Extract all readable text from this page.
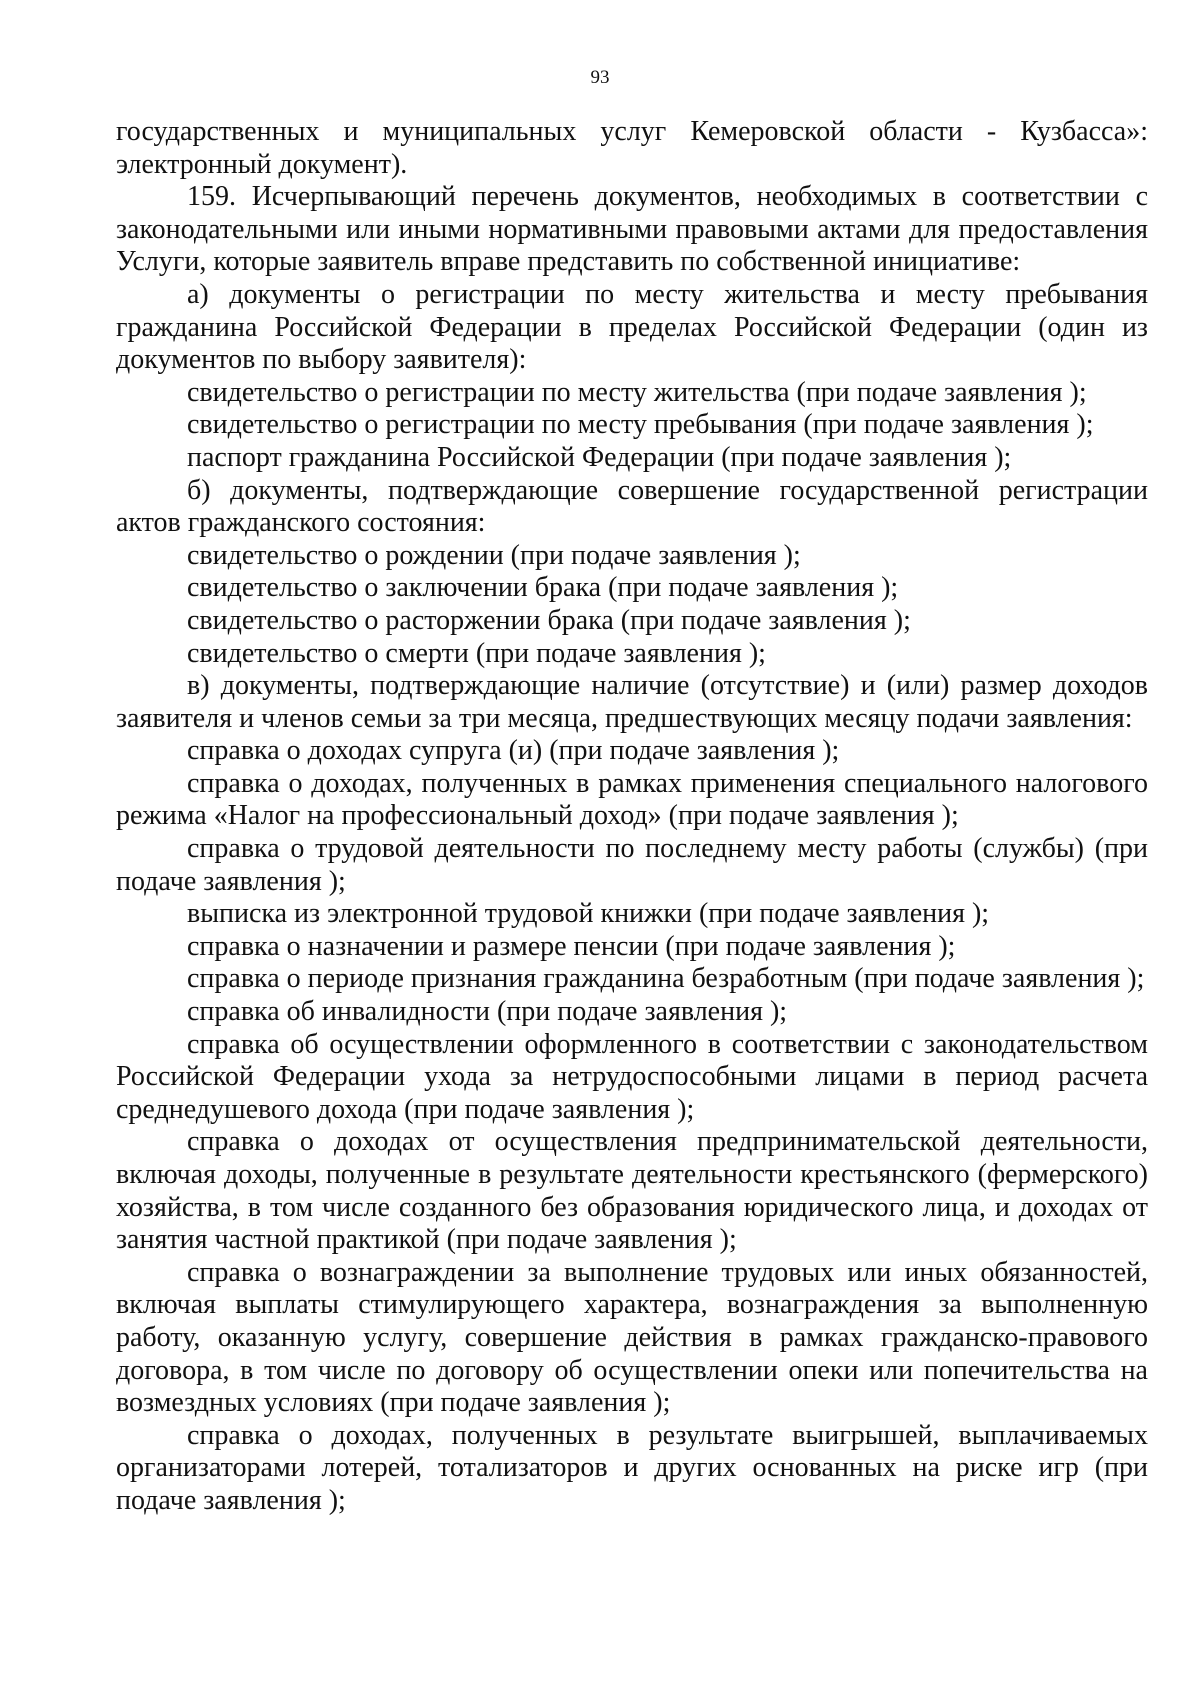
93

государственных и муниципальных услуг Кемеровской области - Кузбасса»: электронный документ).

159. Исчерпывающий перечень документов, необходимых в соответствии с законодательными или иными нормативными правовыми актами для предоставления Услуги, которые заявитель вправе представить по собственной инициативе:

а) документы о регистрации по месту жительства и месту пребывания гражданина Российской Федерации в пределах Российской Федерации (один из документов по выбору заявителя):

свидетельство о регистрации по месту жительства (при подаче заявления );

свидетельство о регистрации по месту пребывания (при подаче заявления );

паспорт гражданина Российской Федерации (при подаче заявления );

б) документы, подтверждающие совершение государственной регистрации актов гражданского состояния:

свидетельство о рождении (при подаче заявления );

свидетельство о заключении брака (при подаче заявления );

свидетельство о расторжении брака (при подаче заявления );

свидетельство о смерти (при подаче заявления );

в) документы, подтверждающие наличие (отсутствие) и (или) размер доходов заявителя и членов семьи за три месяца, предшествующих месяцу подачи заявления:

справка о доходах супруга (и) (при подаче заявления );

справка о доходах, полученных в рамках применения специального налогового режима «Налог на профессиональный доход» (при подаче заявления );

справка о трудовой деятельности по последнему месту работы (службы) (при подаче заявления );

выписка из электронной трудовой книжки (при подаче заявления );

справка о назначении и размере пенсии (при подаче заявления );

справка о периоде признания гражданина безработным (при подаче заявления );

справка об инвалидности (при подаче заявления );

справка об осуществлении оформленного в соответствии с законодательством Российской Федерации ухода за нетрудоспособными лицами в период расчета среднедушевого дохода (при подаче заявления );

справка о доходах от осуществления предпринимательской деятельности, включая доходы, полученные в результате деятельности крестьянского (фермерского) хозяйства, в том числе созданного без образования юридического лица, и доходах от занятия частной практикой (при подаче заявления );

справка о вознаграждении за выполнение трудовых или иных обязанностей, включая выплаты стимулирующего характера, вознаграждения за выполненную работу, оказанную услугу, совершение действия в рамках гражданско-правового договора, в том числе по договору об осуществлении опеки или попечительства на возмездных условиях (при подаче заявления );

справка о доходах, полученных в результате выигрышей, выплачиваемых организаторами лотерей, тотализаторов и других основанных на риске игр (при подаче заявления );
